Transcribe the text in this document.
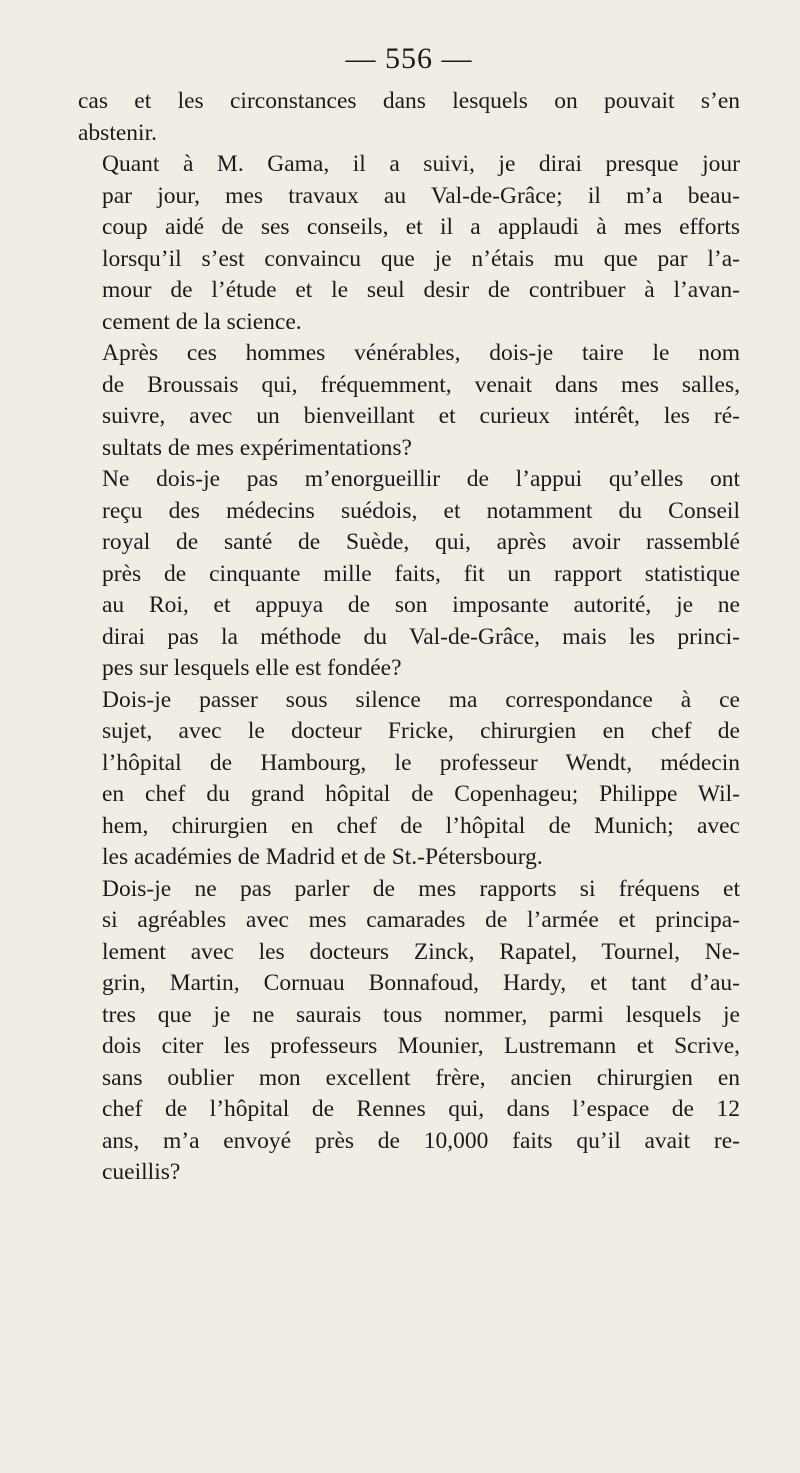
— 556 —

cas et les circonstances dans lesquels on pouvait s’en
abstenir.

Quant à M. Gama, il a suivi, je dirai presque jour
par jour, mes travaux au Val-de-Grâce; il m’a beau-
coup aidé de ses conseils, et il a applaudi à mes efforts
lorsqu’il s’est convaincu que je n’étais mu que par l’a-
mour de l’étude et le seul desir de contribuer à l’avan-
cement de la science.

Après ces hommes vénérables, dois-je taire le nom
de Broussais qui, fréquemment, venait dans mes salles,
suivre, avec un bienveillant et curieux intérêt, les ré-
sultats de mes expérimentations?

Ne dois-je pas m’enorgueillir de l’appui qu’elles ont
reçu des médecins suédois, et notamment du Conseil
royal de santé de Suède, qui, après avoir rassemblé
près de cinquante mille faits, fit un rapport statistique
au Roi, et appuya de son imposante autorité, je ne
dirai pas la méthode du Val-de-Grâce, mais les princi-
pes sur lesquels elle est fondée?

Dois-je passer sous silence ma correspondance à ce
sujet, avec le docteur Fricke, chirurgien en chef de
l’hôpital de Hambourg, le professeur Wendt, médecin
en chef du grand hôpital de Copenhageu; Philippe Wil-
hem, chirurgien en chef de l’hôpital de Munich; avec
les académies de Madrid et de St.-Pétersbourg.

Dois-je ne pas parler de mes rapports si fréquens et
si agréables avec mes camarades de l’armée et principa-
lement avec les docteurs Zinck, Rapatel, Tournel, Ne-
grin, Martin, Cornuau Bonnafoud, Hardy, et tant d’au-
tres que je ne saurais tous nommer, parmi lesquels je
dois citer les professeurs Mounier, Lustremann et Scrive,
sans oublier mon excellent frère, ancien chirurgien en
chef de l’hôpital de Rennes qui, dans l’espace de 12
ans, m’a envoyé près de 10,000 faits qu’il avait re-
cueillis?
